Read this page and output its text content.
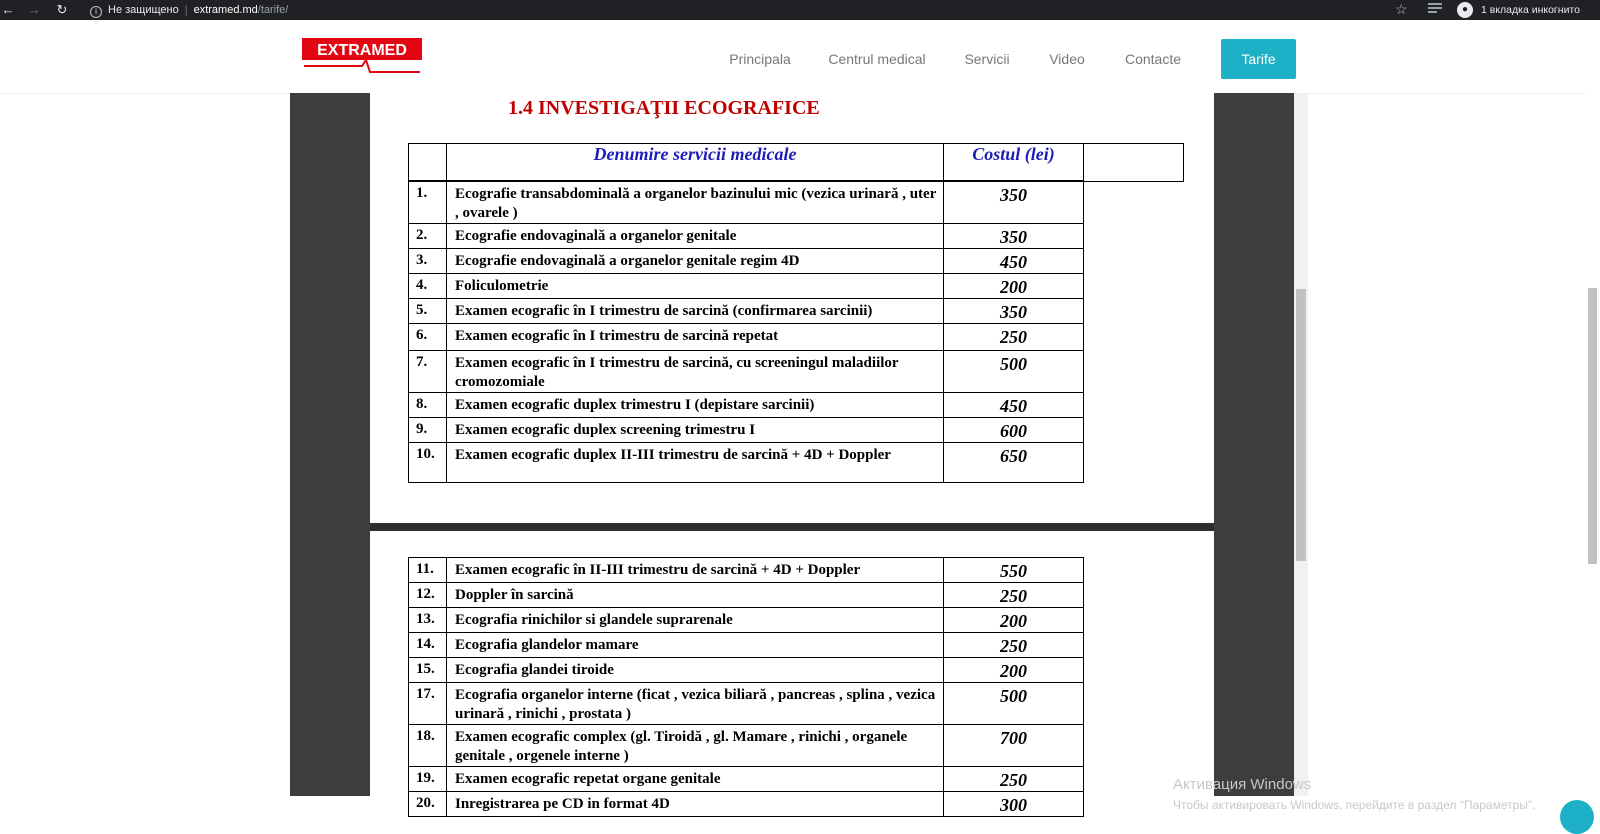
← → ↻	i Не защищено | extramed.md/tarife/	☆	●	1 вкладка инкогнито
EXTRAMED	Principala	Centrul medical	Servicii	Video	Contacte	Tarife
1.4 INVESTIGAŢII ECOGRAFICE
	Denumire servicii medicale	Costul (lei)
1.	Ecografie transabdominală a organelor bazinului mic (vezica urinară , uter , ovarele )	350
2.	Ecografie endovaginală a organelor genitale	350
3.	Ecografie endovaginală a organelor genitale regim 4D	450
4.	Foliculometrie	200
5.	Examen ecografic în I trimestru de sarcină (confirmarea sarcinii)	350
6.	Examen ecografic în I trimestru de sarcină repetat	250
7.	Examen ecografic în I trimestru de sarcină, cu screeningul maladiilor cromozomiale	500
8.	Examen ecografic duplex trimestru I (depistare sarcinii)	450
9.	Examen ecografic duplex screening trimestru I	600
10.	Examen ecografic duplex II-III trimestru de sarcină + 4D + Doppler	650
11.	Examen ecografic în II-III trimestru de sarcină + 4D + Doppler	550
12.	Doppler în sarcină	250
13.	Ecografia rinichilor si glandele suprarenale	200
14.	Ecografia glandelor mamare	250
15.	Ecografia glandei tiroide	200
17.	Ecografia organelor interne (ficat , vezica biliară , pancreas , splina , vezica urinară , rinichi , prostata )	500
18.	Examen ecografic complex (gl. Tiroidă , gl. Mamare , rinichi , organele genitale , orgenele interne )	700
19.	Examen ecografic repetat organe genitale	250
20.	Inregistrarea pe CD in format 4D	300
Активация Windows
Чтобы активировать Windows, перейдите в раздел "Параметры".
